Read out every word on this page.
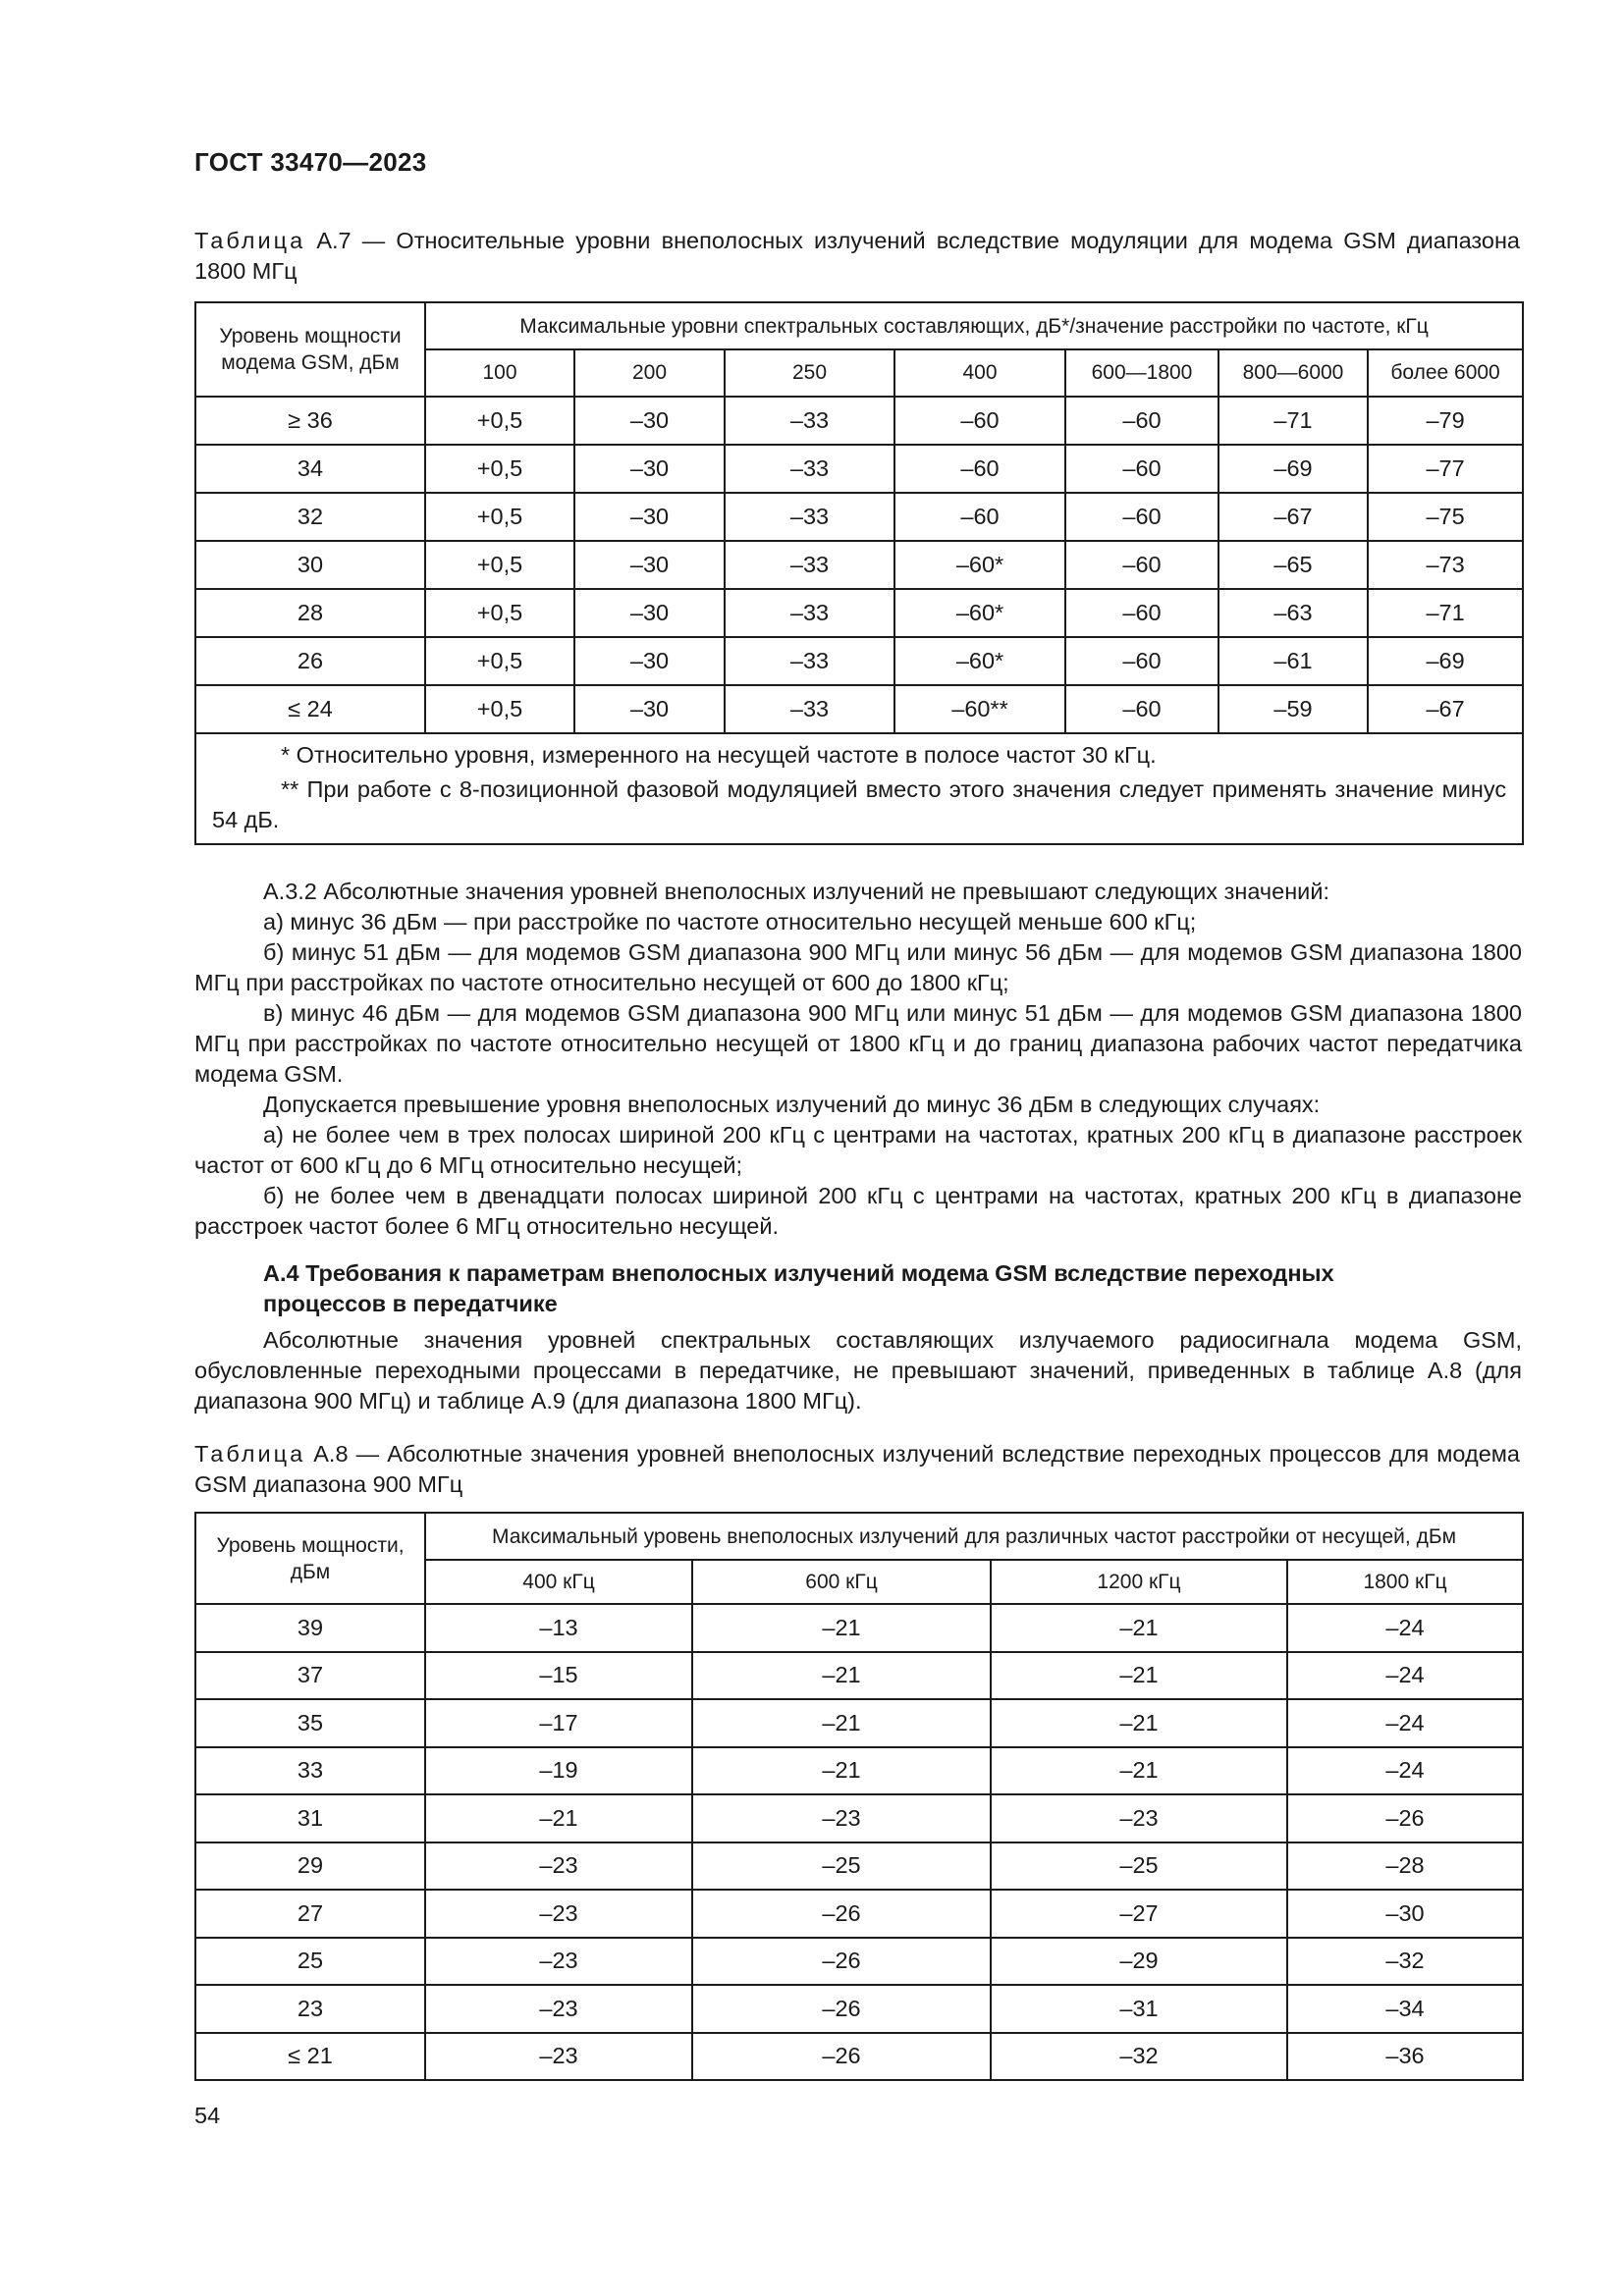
ГОСТ 33470—2023
Таблица А.7 — Относительные уровни внеполосных излучений вследствие модуляции для модема GSM диапазона 1800 МГц
Уровень мощности модема GSM, дБм	Максимальные уровни спектральных составляющих, дБ*/значение расстройки по частоте, кГц						
	100	200	250	400	600—1800	800—6000	более 6000
≥ 36	+0,5	–30	–33	–60	–60	–71	–79
34	+0,5	–30	–33	–60	–60	–69	–77
32	+0,5	–30	–33	–60	–60	–67	–75
30	+0,5	–30	–33	–60*	–60	–65	–73
28	+0,5	–30	–33	–60*	–60	–63	–71
26	+0,5	–30	–33	–60*	–60	–61	–69
≤ 24	+0,5	–30	–33	–60**	–60	–59	–67

* Относительно уровня, измеренного на несущей частоте в полосе частот 30 кГц.
** При работе с 8-позиционной фазовой модуляцией вместо этого значения следует применять значение минус 54 дБ.							

А.3.2 Абсолютные значения уровней внеполосных излучений не превышают следующих значений:

а) минус 36 дБм — при расстройке по частоте относительно несущей меньше 600 кГц;

б) минус 51 дБм — для модемов GSM диапазона 900 МГц или минус 56 дБм — для модемов GSM диапазона 1800 МГц при расстройках по частоте относительно несущей от 600 до 1800 кГц;

в) минус 46 дБм — для модемов GSM диапазона 900 МГц или минус 51 дБм — для модемов GSM диапазона 1800 МГц при расстройках по частоте относительно несущей от 1800 кГц и до границ диапазона рабочих частот передатчика модема GSM.

Допускается превышение уровня внеполосных излучений до минус 36 дБм в следующих случаях:

а) не более чем в трех полосах шириной 200 кГц с центрами на частотах, кратных 200 кГц в диапазоне расстроек частот от 600 кГц до 6 МГц относительно несущей;

б) не более чем в двенадцати полосах шириной 200 кГц с центрами на частотах, кратных 200 кГц в диапазоне расстроек частот более 6 МГц относительно несущей.

А.4 Требования к параметрам внеполосных излучений модема GSM вследствие переходных процессов в передатчике

Абсолютные значения уровней спектральных составляющих излучаемого радиосигнала модема GSM, обусловленные переходными процессами в передатчике, не превышают значений, приведенных в таблице А.8 (для диапазона 900 МГц) и таблице А.9 (для диапазона 1800 МГц).

Таблица А.8 — Абсолютные значения уровней внеполосных излучений вследствие переходных процессов для модема GSM диапазона 900 МГц
Уровень мощности, дБм	Максимальный уровень внеполосных излучений для различных частот расстройки от несущей, дБм			
	400 кГц	600 кГц	1200 кГц	1800 кГц
39	–13	–21	–21	–24
37	–15	–21	–21	–24
35	–17	–21	–21	–24
33	–19	–21	–21	–24
31	–21	–23	–23	–26
29	–23	–25	–25	–28
27	–23	–26	–27	–30
25	–23	–26	–29	–32
23	–23	–26	–31	–34
≤ 21	–23	–26	–32	–36
54
